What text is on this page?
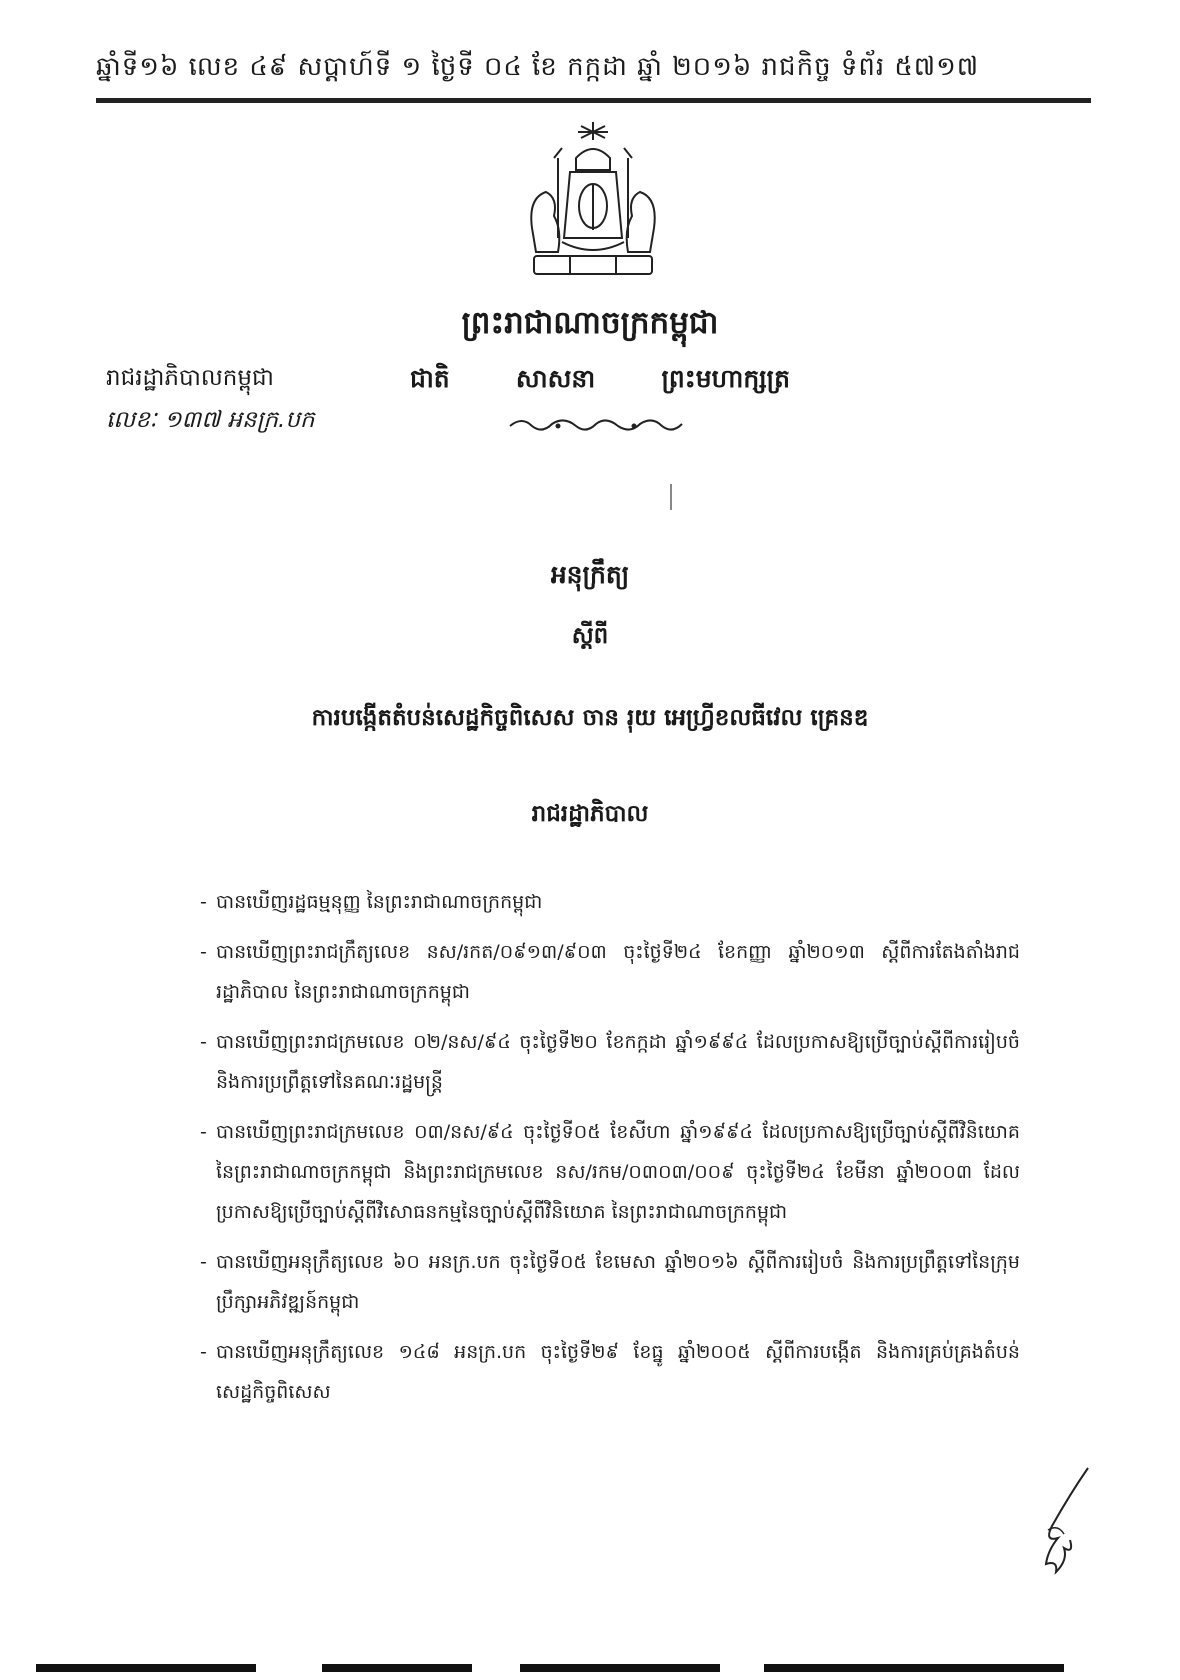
ឆ្នាំទី១៦ លេខ ៤៩ សប្តាហ៍ទី ១ ថ្ងៃទី ០៤ ខែ កក្កដា ឆ្នាំ ២០១៦ រាជកិច្ច ទំព័រ ៥៧១៧
ព្រះរាជាណាចក្រកម្ពុជា
រាជរដ្ឋាភិបាលកម្ពុជា	ជាតិ	សាសនា	ព្រះមហាក្សត្រ
លេខៈ ១៣៧ អនក្រ.បក
អនុក្រឹត្យ
ស្តីពី
ការបង្កើតតំបន់សេដ្ឋកិច្ចពិសេស ចាន រុយ អេហ្វ្រីខលធីវេល គ្រេនឌ
រាជរដ្ឋាភិបាល
- បានឃើញរដ្ឋធម្មនុញ្ញ នៃព្រះរាជាណាចក្រកម្ពុជា
- បានឃើញព្រះរាជក្រឹត្យលេខ នស/រកត/០៩១៣/៩០៣ ចុះថ្ងៃទី២៤ ខែកញ្ញា ឆ្នាំ២០១៣ ស្តីពីការតែងតាំងរាជរដ្ឋាភិបាល នៃព្រះរាជាណាចក្រកម្ពុជា
- បានឃើញព្រះរាជក្រមលេខ ០២/នស/៩៤ ចុះថ្ងៃទី២០ ខែកក្កដា ឆ្នាំ១៩៩៤ ដែលប្រកាសឱ្យប្រើច្បាប់ស្តីពីការរៀបចំ និងការប្រព្រឹត្តទៅនៃគណៈរដ្ឋមន្ត្រី
- បានឃើញព្រះរាជក្រមលេខ ០៣/នស/៩៤ ចុះថ្ងៃទី០៥ ខែសីហា ឆ្នាំ១៩៩៤ ដែលប្រកាសឱ្យប្រើច្បាប់ស្តីពីវិនិយោគ នៃព្រះរាជាណាចក្រកម្ពុជា និងព្រះរាជក្រមលេខ នស/រកម/០៣០៣/០០៩ ចុះថ្ងៃទី២៤ ខែមីនា ឆ្នាំ២០០៣ ដែលប្រកាសឱ្យប្រើច្បាប់ស្តីពីវិសោធនកម្មនៃច្បាប់ស្តីពីវិនិយោគ នៃព្រះរាជាណាចក្រកម្ពុជា
- បានឃើញអនុក្រឹត្យលេខ ៦០ អនក្រ.បក ចុះថ្ងៃទី០៥ ខែមេសា ឆ្នាំ២០១៦ ស្តីពីការរៀបចំ និងការប្រព្រឹត្តទៅនៃក្រុមប្រឹក្សាអភិវឌ្ឍន៍កម្ពុជា
- បានឃើញអនុក្រឹត្យលេខ ១៤៨ អនក្រ.បក ចុះថ្ងៃទី២៩ ខែធ្នូ ឆ្នាំ២០០៥ ស្តីពីការបង្កើត និងការគ្រប់គ្រងតំបន់សេដ្ឋកិច្ចពិសេស
